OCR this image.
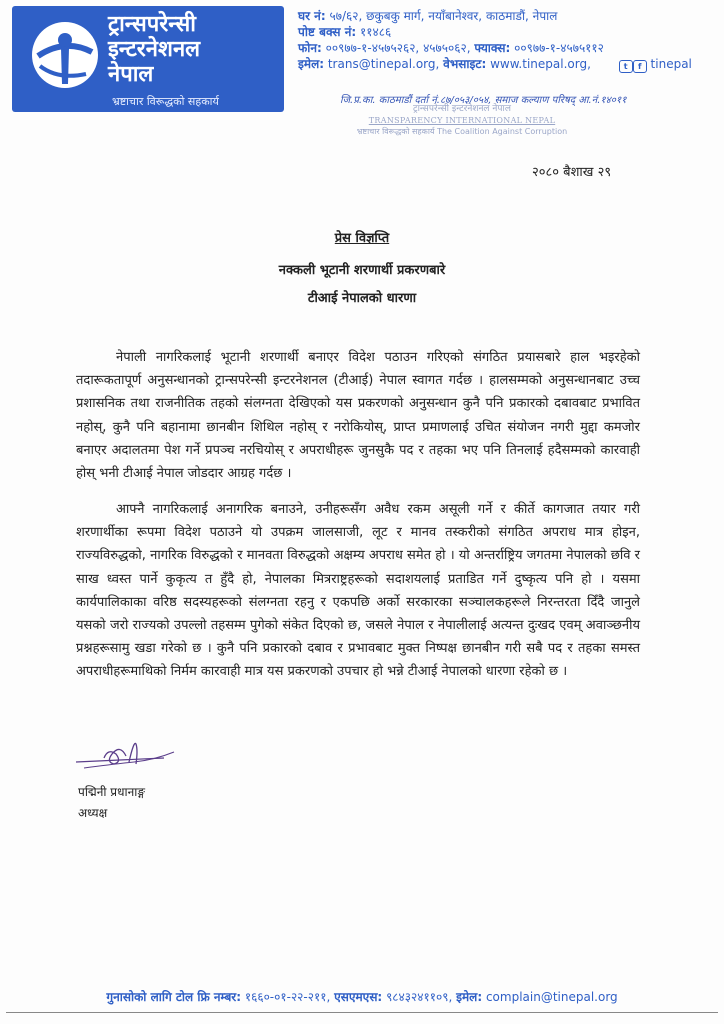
ट्रान्सपरेन्सी
इन्टरनेशनल
नेपाल
भ्रष्टाचार विरूद्धको सहकार्य
घर नं: ५७/६२, छकुबकु मार्ग, नयाँबानेश्वर, काठमाडौं, नेपाल
पोष्ट बक्स नं: ११४८६
फोन: ००९७७-१-४५७५२६२, ४५७५०६२, फ्याक्स: ००९७७-१-४५७५११२
इमेल: trans@tinepal.org, वेभसाइट: www.tinepal.org,	t f tinepal
जि.प्र.का. काठमाडौं दर्ता नं.८७/०५३/०५४, समाज कल्याण परिषद् आ.नं.१४०११
ट्रान्सपरेन्सी इन्टरनेशनल नेपाल
TRANSPARENCY INTERNATIONAL NEPAL
भ्रष्टाचार विरूद्धको सहकार्य The Coalition Against Corruption
२०८० बैशाख २९
प्रेस विज्ञप्ति
नक्कली भूटानी शरणार्थी प्रकरणबारे
टीआई नेपालको धारणा
नेपाली नागरिकलाई भूटानी शरणार्थी बनाएर विदेश पठाउन गरिएको संगठित प्रयासबारे हाल भइरहेको तदारूकतापूर्ण अनुसन्धानको ट्रान्सपरेन्सी इन्टरनेशनल (टीआई) नेपाल स्वागत गर्दछ । हालसम्मको अनुसन्धानबाट उच्च प्रशासनिक तथा राजनीतिक तहको संलग्नता देखिएको यस प्रकरणको अनुसन्धान कुनै पनि प्रकारको दबावबाट प्रभावित नहोस्, कुनै पनि बहानामा छानबीन शिथिल नहोस् र नरोकियोस्, प्राप्त प्रमाणलाई उचित संयोजन नगरी मुद्दा कमजोर बनाएर अदालतमा पेश गर्ने प्रपञ्च नरचियोस् र अपराधीहरू जुनसुकै पद र तहका भए पनि तिनलाई हदैसम्मको कारवाही होस् भनी टीआई नेपाल जोडदार आग्रह गर्दछ ।
आफ्नै नागरिकलाई अनागरिक बनाउने, उनीहरूसँग अवैध रकम असूली गर्ने र कीर्ते कागजात तयार गरी शरणार्थीका रूपमा विदेश पठाउने यो उपक्रम जालसाजी, लूट र मानव तस्करीको संगठित अपराध मात्र होइन, राज्यविरुद्धको, नागरिक विरुद्धको र मानवता विरुद्धको अक्षम्य अपराध समेत हो । यो अन्तर्राष्ट्रिय जगतमा नेपालको छवि र साख ध्वस्त पार्ने कुकृत्य त हुँदै हो, नेपालका मित्रराष्ट्रहरूको सदाशयलाई प्रताडित गर्ने दुष्कृत्य पनि हो । यसमा कार्यपालिकाका वरिष्ठ सदस्यहरूको संलग्नता रहनु र एकपछि अर्को सरकारका सञ्चालकहरूले निरन्तरता दिँदै जानुले यसको जरो राज्यको उपल्लो तहसम्म पुगेको संकेत दिएको छ, जसले नेपाल र नेपालीलाई अत्यन्त दुःखद एवम् अवाञ्छनीय प्रश्नहरूसामु खडा गरेको छ । कुनै पनि प्रकारको दबाव र प्रभावबाट मुक्त निष्पक्ष छानबीन गरी सबै पद र तहका समस्त अपराधीहरूमाथिको निर्मम कारवाही मात्र यस प्रकरणको उपचार हो भन्ने टीआई नेपालको धारणा रहेको छ ।
पद्मिनी प्रधानाङ्ग
अध्यक्ष
गुनासोको लागि टोल फ्रि नम्बर: १६६०-०१-२२-२११, एसएमएस: ९८४३२४११०९, इमेल: complain@tinepal.org
